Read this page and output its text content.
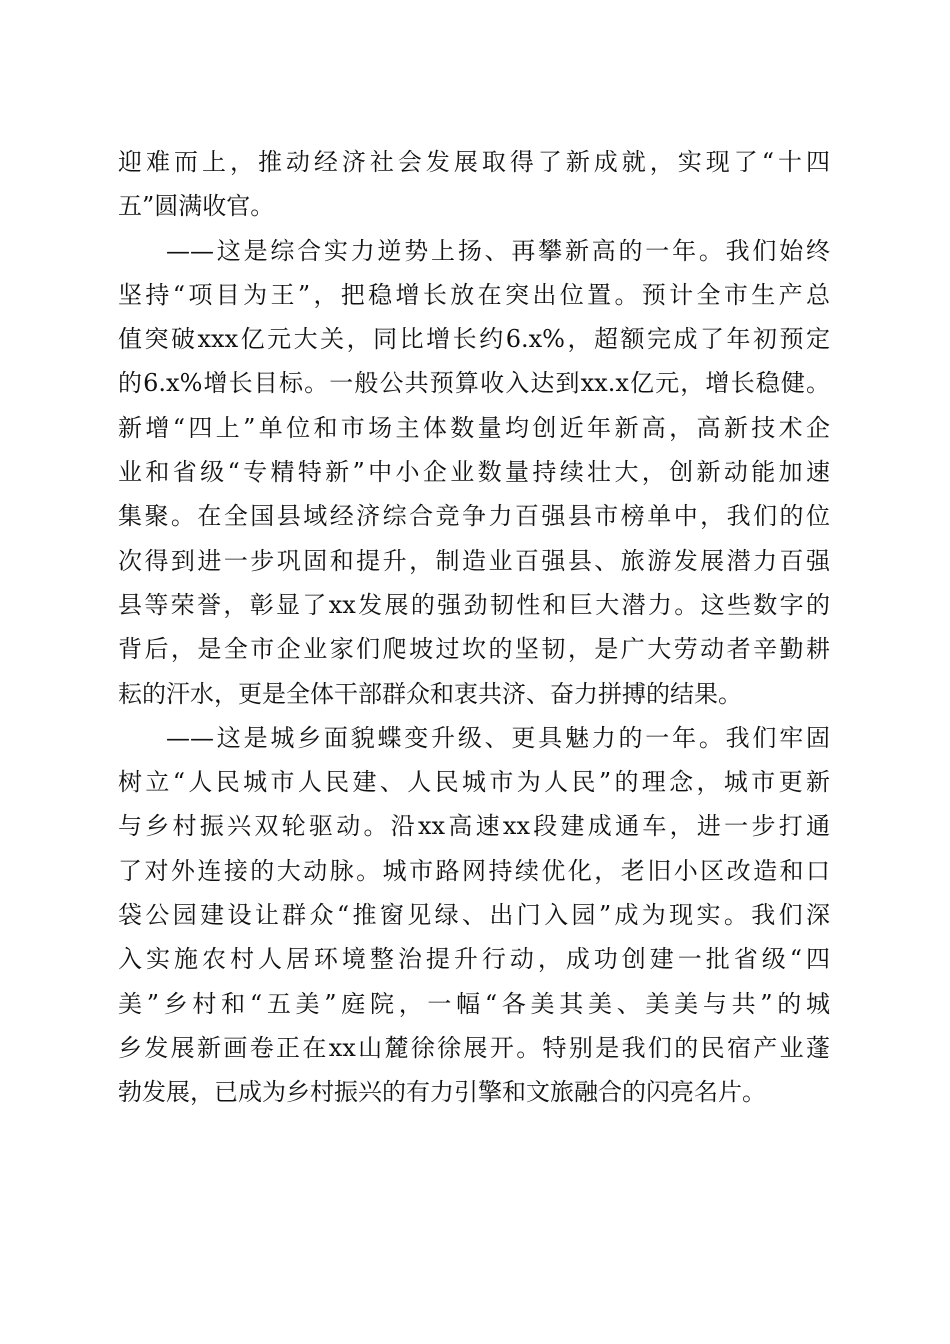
迎难而上，推动经济社会发展取得了新成就，实现了“十四
五”圆满收官。
——这是综合实力逆势上扬、再攀新高的一年。我们始终
坚持“项目为王”，把稳增长放在突出位置。预计全市生产总
值突破xxx亿元大关，同比增长约6.x%，超额完成了年初预定
的6.x%增长目标。一般公共预算收入达到xx.x亿元，增长稳健。
新增“四上”单位和市场主体数量均创近年新高，高新技术企
业和省级“专精特新”中小企业数量持续壮大，创新动能加速
集聚。在全国县域经济综合竞争力百强县市榜单中，我们的位
次得到进一步巩固和提升，制造业百强县、旅游发展潜力百强
县等荣誉，彰显了xx发展的强劲韧性和巨大潜力。这些数字的
背后，是全市企业家们爬坡过坎的坚韧，是广大劳动者辛勤耕
耘的汗水，更是全体干部群众和衷共济、奋力拼搏的结果。
——这是城乡面貌蝶变升级、更具魅力的一年。我们牢固
树立“人民城市人民建、人民城市为人民”的理念，城市更新
与乡村振兴双轮驱动。沿xx高速xx段建成通车，进一步打通
了对外连接的大动脉。城市路网持续优化，老旧小区改造和口
袋公园建设让群众“推窗见绿、出门入园”成为现实。我们深
入实施农村人居环境整治提升行动，成功创建一批省级“四
美”乡村和“五美”庭院，一幅“各美其美、美美与共”的城
乡发展新画卷正在xx山麓徐徐展开。特别是我们的民宿产业蓬
勃发展，已成为乡村振兴的有力引擎和文旅融合的闪亮名片。
